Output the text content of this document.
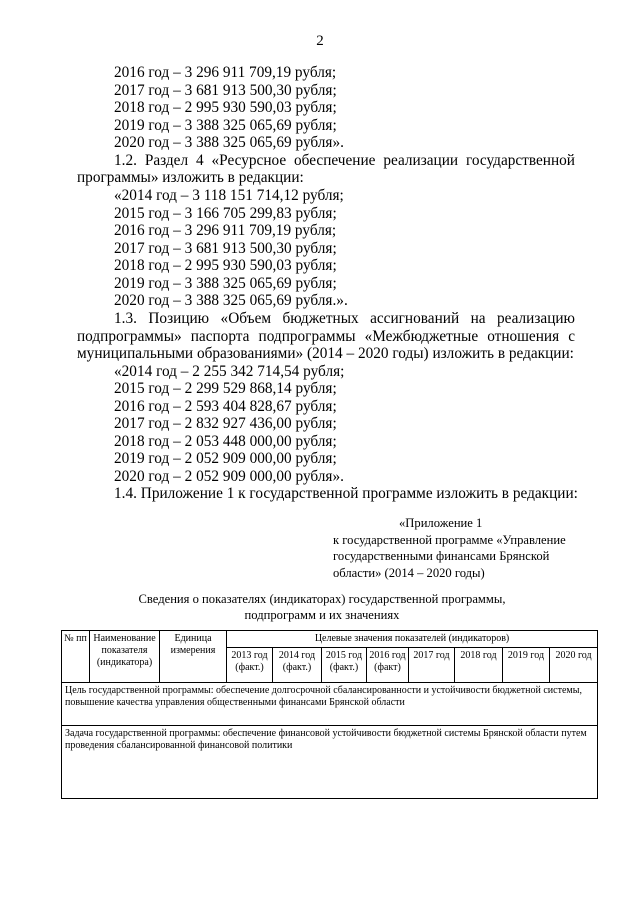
2
2016 год – 3 296 911 709,19 рубля;
2017 год – 3 681 913 500,30 рубля;
2018 год – 2 995 930 590,03 рубля;
2019 год – 3 388 325 065,69 рубля;
2020 год – 3 388 325 065,69 рубля».
1.2. Раздел 4 «Ресурсное обеспечение реализации государственной
программы» изложить в редакции:
«2014 год – 3 118 151 714,12 рубля;
2015 год – 3 166 705 299,83 рубля;
2016 год – 3 296 911 709,19 рубля;
2017 год – 3 681 913 500,30 рубля;
2018 год – 2 995 930 590,03 рубля;
2019 год – 3 388 325 065,69 рубля;
2020 год – 3 388 325 065,69 рубля.».
1.3. Позицию «Объем бюджетных ассигнований на реализацию
подпрограммы» паспорта подпрограммы «Межбюджетные отношения с
муниципальными образованиями» (2014 – 2020 годы) изложить в редакции:
«2014 год – 2 255 342 714,54 рубля;
2015 год – 2 299 529 868,14 рубля;
2016 год – 2 593 404 828,67 рубля;
2017 год – 2 832 927 436,00 рубля;
2018 год – 2 053 448 000,00 рубля;
2019 год – 2 052 909 000,00 рубля;
2020 год – 2 052 909 000,00 рубля».
1.4. Приложение 1 к государственной программе изложить в редакции:
«Приложение 1
к государственной программе «Управление
государственными финансами Брянской
области» (2014 – 2020 годы)
Сведения о показателях (индикаторах) государственной программы,
подпрограмм и их значениях
№ пп	Наименование показателя (индикатора)	Единица измерения	Целевые значения показателей (индикаторов)							
			2013 год (факт.)	2014 год (факт.)	2015 год (факт.)	2016 год (факт)	2017 год	2018 год	2019 год	2020 год
Цель государственной программы: обеспечение долгосрочной сбалансированности и устойчивости бюджетной системы, повышение качества управления общественными финансами Брянской области										
Задача государственной программы: обеспечение финансовой устойчивости бюджетной системы Брянской области путем проведения сбалансированной финансовой политики										
